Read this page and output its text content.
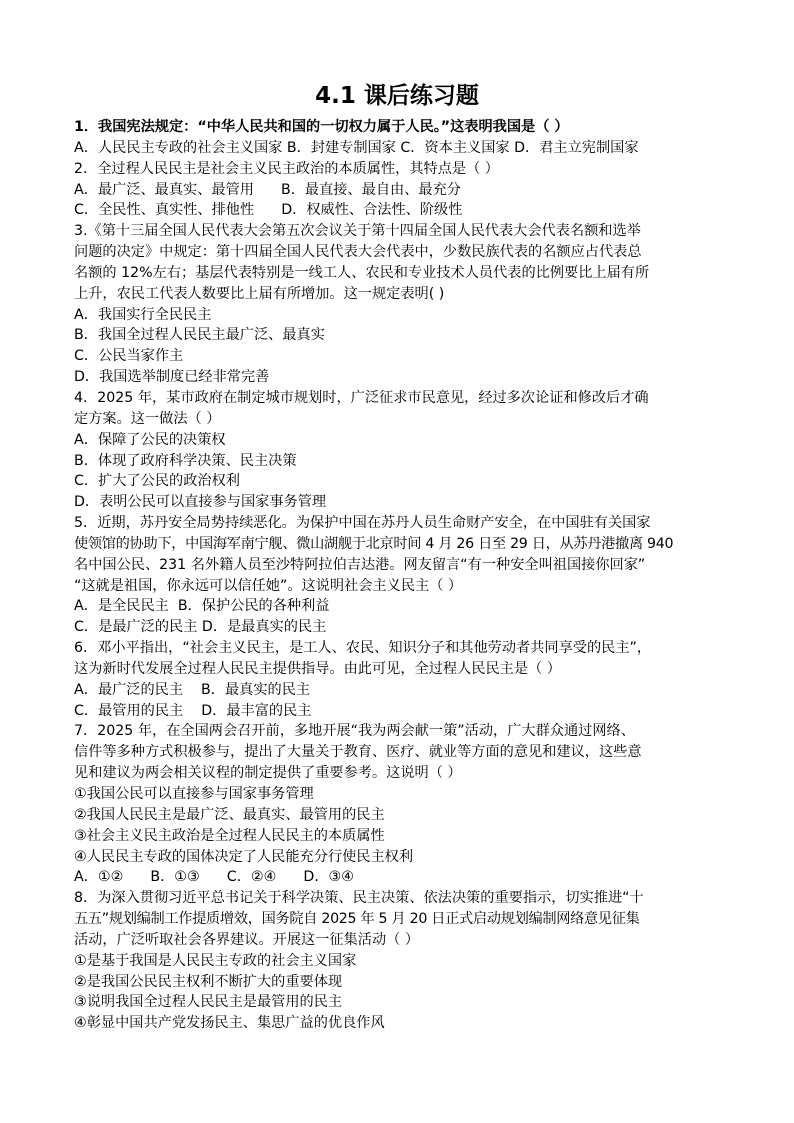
4.1 课后练习题
1．我国宪法规定：“中华人民共和国的一切权力属于人民。”这表明我国是（ ）
A．人民民主专政的社会主义国家 B．封建专制国家 C．资本主义国家 D．君主立宪制国家
2．全过程人民民主是社会主义民主政治的本质属性，其特点是（ ）
A．最广泛、最真实、最管用      B．最直接、最自由、最充分
C．全民性、真实性、排他性      D．权威性、合法性、阶级性
3.《第十三届全国人民代表大会第五次会议关于第十四届全国人民代表大会代表名额和选举
问题的决定》中规定：第十四届全国人民代表大会代表中，少数民族代表的名额应占代表总
名额的 12%左右；基层代表特别是一线工人、农民和专业技术人员代表的比例要比上届有所
上升，农民工代表人数要比上届有所增加。这一规定表明( )
A．我国实行全民民主
B．我国全过程人民民主最广泛、最真实
C．公民当家作主
D．我国选举制度已经非常完善
4．2025 年，某市政府在制定城市规划时，广泛征求市民意见，经过多次论证和修改后才确
定方案。这一做法（ ）
A．保障了公民的决策权
B．体现了政府科学决策、民主决策
C．扩大了公民的政治权利
D．表明公民可以直接参与国家事务管理
5．近期，苏丹安全局势持续恶化。为保护中国在苏丹人员生命财产安全，在中国驻有关国家
使领馆的协助下，中国海军南宁舰、微山湖舰于北京时间 4 月 26 日至 29 日，从苏丹港撤离 940
名中国公民、231 名外籍人员至沙特阿拉伯吉达港。网友留言“有一种安全叫祖国接你回家”
“这就是祖国，你永远可以信任她”。这说明社会主义民主（ ）
A．是全民民主  B．保护公民的各种利益
C．是最广泛的民主 D．是最真实的民主
6．邓小平指出，“社会主义民主，是工人、农民、知识分子和其他劳动者共同享受的民主”，
这为新时代发展全过程人民民主提供指导。由此可见，全过程人民民主是（ ）
A．最广泛的民主    B．最真实的民主
C．最管用的民主    D．最丰富的民主
7．2025 年，在全国两会召开前，多地开展“我为两会献一策”活动，广大群众通过网络、
信件等多种方式积极参与，提出了大量关于教育、医疗、就业等方面的意见和建议，这些意
见和建议为两会相关议程的制定提供了重要参考。这说明（ ）
①我国公民可以直接参与国家事务管理
②我国人民民主是最广泛、最真实、最管用的民主
③社会主义民主政治是全过程人民民主的本质属性
④人民民主专政的国体决定了人民能充分行使民主权利
A．①②      B．①③      C．②④      D．③④
8．为深入贯彻习近平总书记关于科学决策、民主决策、依法决策的重要指示，切实推进“十
五五”规划编制工作提质增效，国务院自 2025 年 5 月 20 日正式启动规划编制网络意见征集
活动，广泛听取社会各界建议。开展这一征集活动（ ）
①是基于我国是人民民主专政的社会主义国家
②是我国公民民主权利不断扩大的重要体现
③说明我国全过程人民民主是最管用的民主
④彰显中国共产党发扬民主、集思广益的优良作风
